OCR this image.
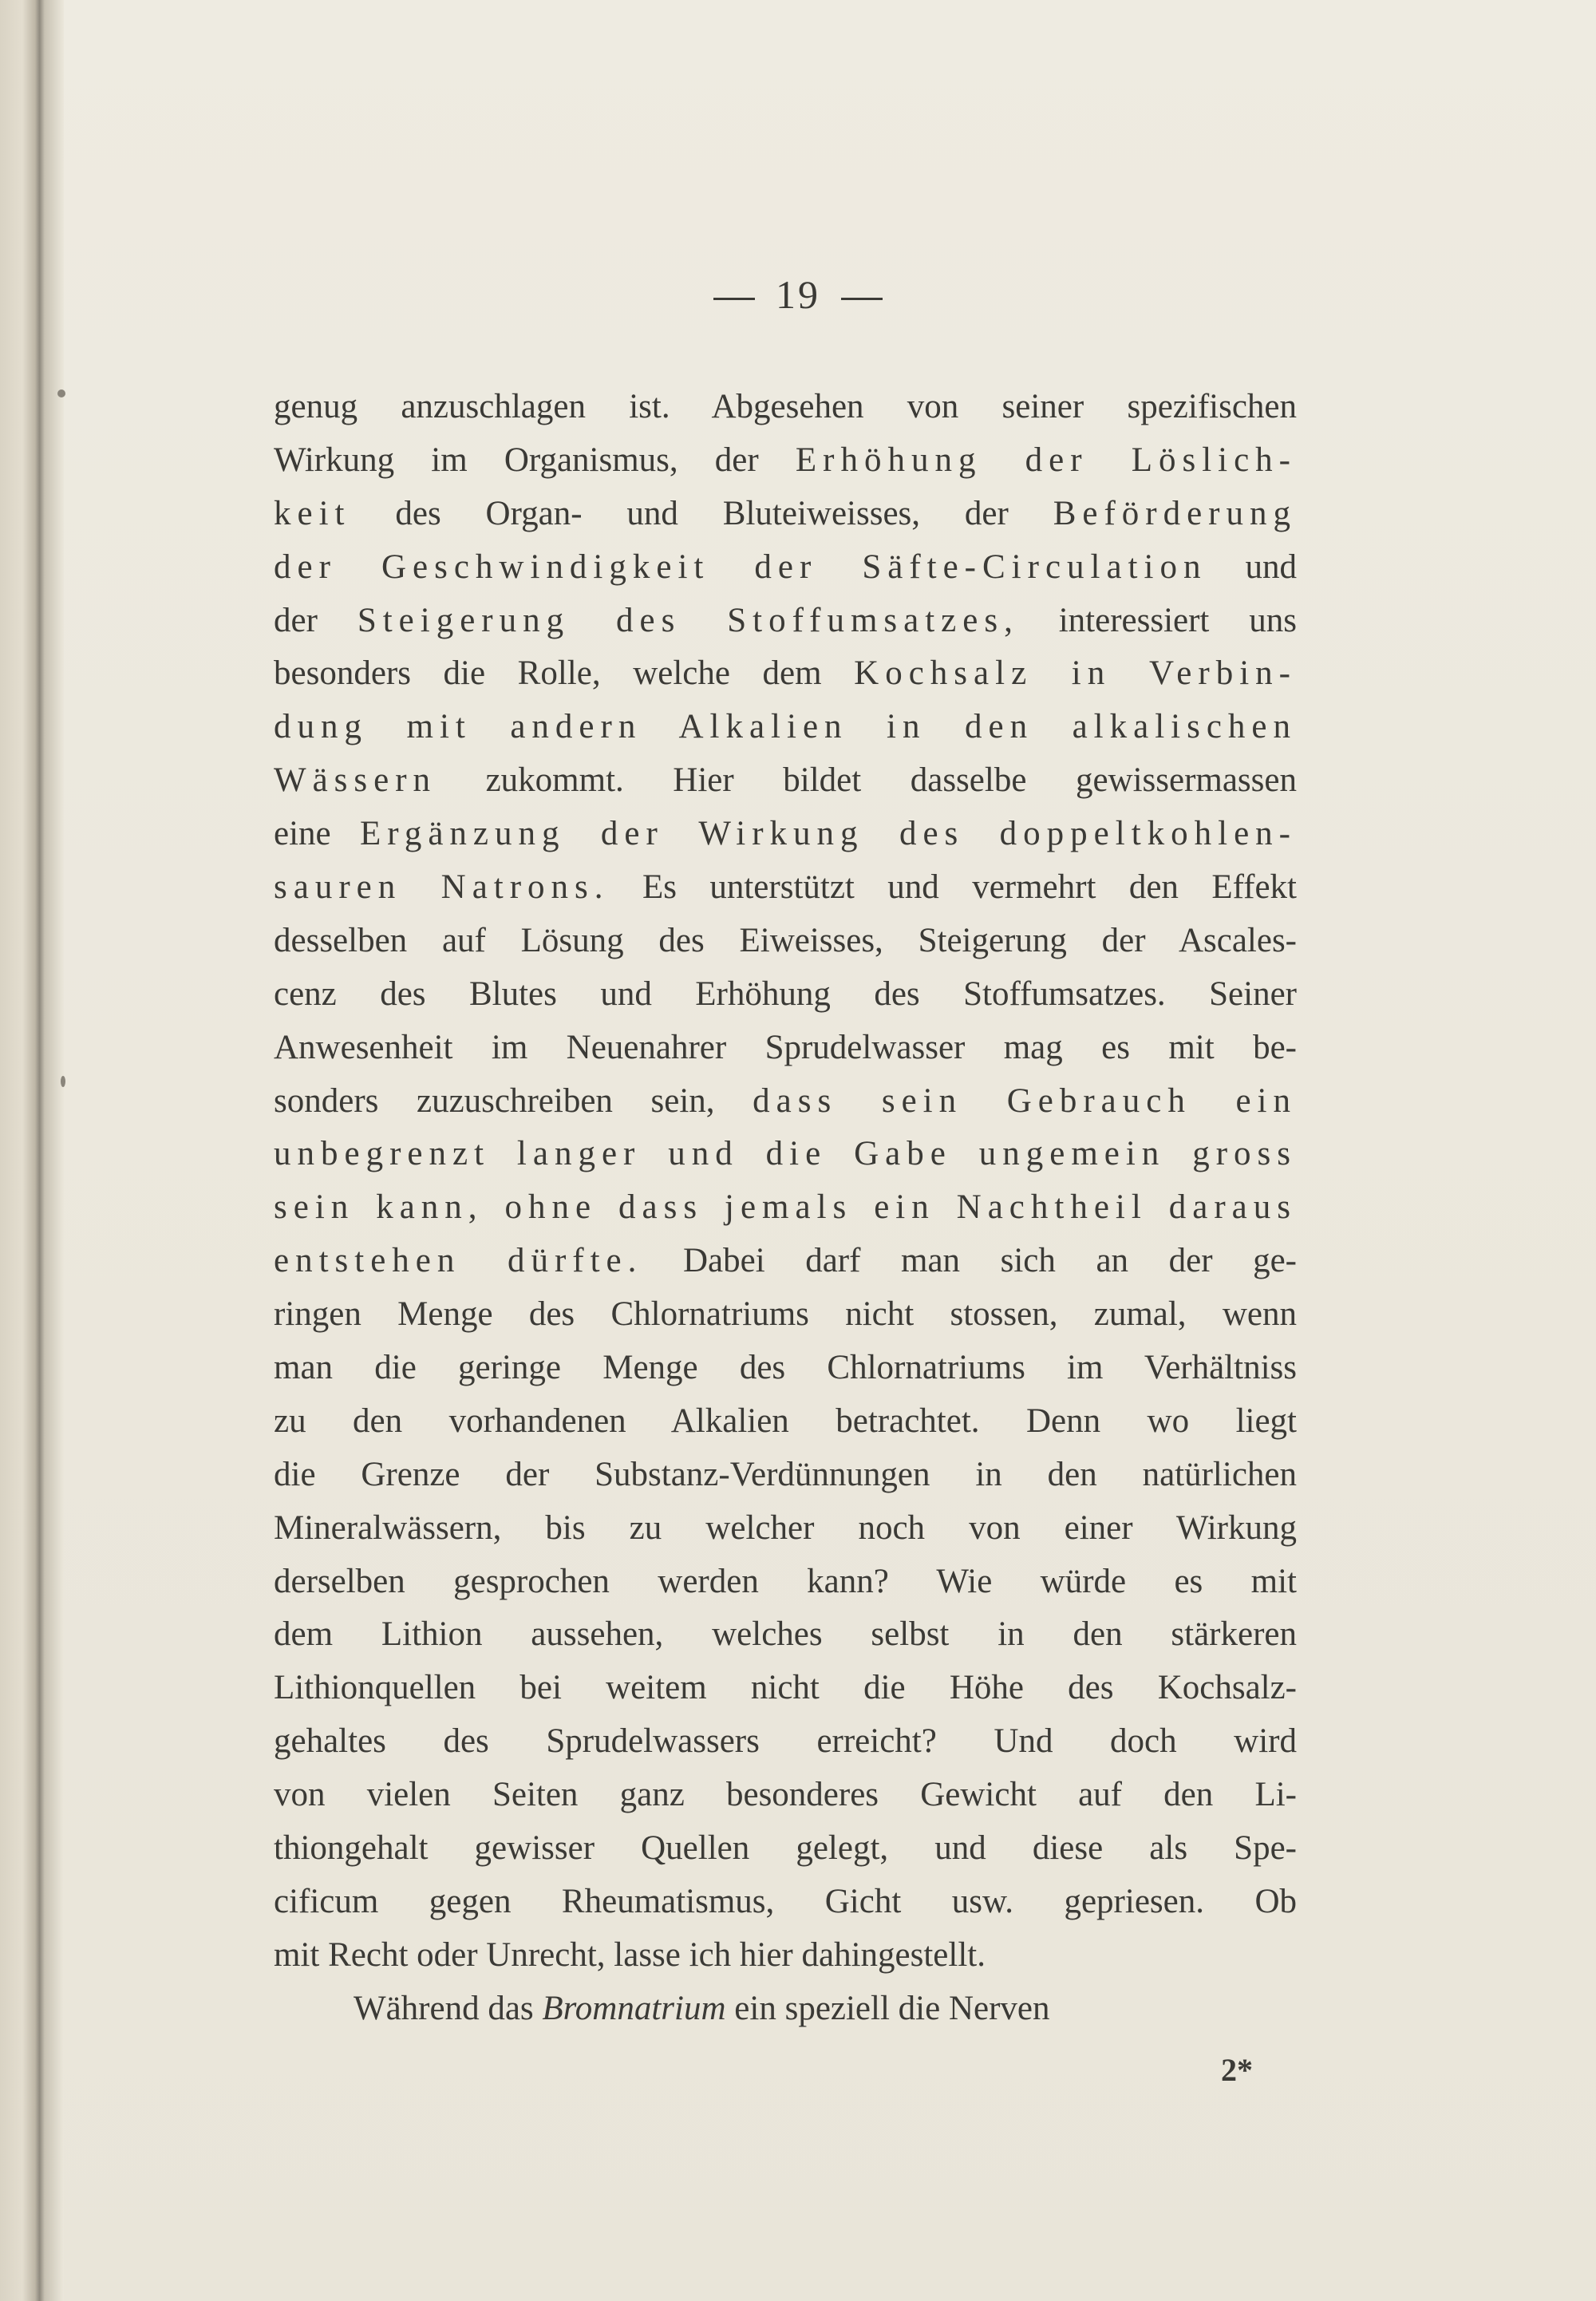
19
genug anzuschlagen ist. Abgesehen von seiner spezifischen
Wirkung im Organismus, der Erhöhung der Löslich-
keit des Organ- und Bluteiweisses, der Beförderung
der Geschwindigkeit der Säfte-Circulation und
der Steigerung des Stoffumsatzes, interessiert uns
besonders die Rolle, welche dem Kochsalz in Verbin-
dung mit andern Alkalien in den alkalischen
Wässern zukommt. Hier bildet dasselbe gewissermassen
eine Ergänzung der Wirkung des doppeltkohlen-
sauren Natrons. Es unterstützt und vermehrt den Effekt
desselben auf Lösung des Eiweisses, Steigerung der Ascales-
cenz des Blutes und Erhöhung des Stoffumsatzes. Seiner
Anwesenheit im Neuenahrer Sprudelwasser mag es mit be-
sonders zuzuschreiben sein, dass sein Gebrauch ein
unbegrenzt langer und die Gabe ungemein gross
sein kann, ohne dass jemals ein Nachtheil daraus
entstehen dürfte. Dabei darf man sich an der ge-
ringen Menge des Chlornatriums nicht stossen, zumal, wenn
man die geringe Menge des Chlornatriums im Verhältniss
zu den vorhandenen Alkalien betrachtet. Denn wo liegt
die Grenze der Substanz-Verdünnungen in den natürlichen
Mineralwässern, bis zu welcher noch von einer Wirkung
derselben gesprochen werden kann? Wie würde es mit
dem Lithion aussehen, welches selbst in den stärkeren
Lithionquellen bei weitem nicht die Höhe des Kochsalz-
gehaltes des Sprudelwassers erreicht? Und doch wird
von vielen Seiten ganz besonderes Gewicht auf den Li-
thiongehalt gewisser Quellen gelegt, und diese als Spe-
cificum gegen Rheumatismus, Gicht usw. gepriesen. Ob
mit Recht oder Unrecht, lasse ich hier dahingestellt.
Während das Bromnatrium ein speziell die Nerven
2*
